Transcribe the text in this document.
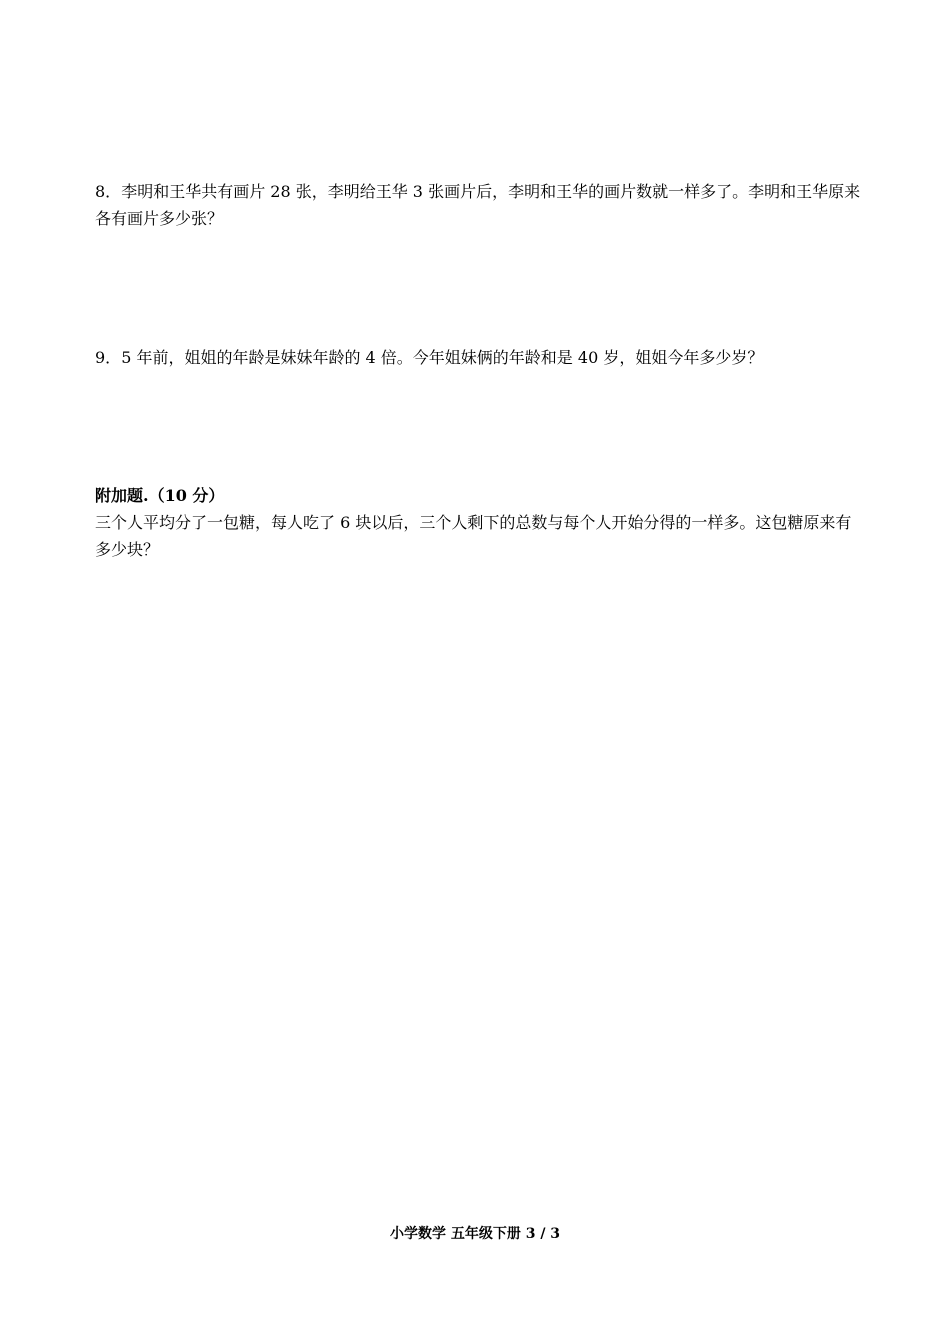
8．李明和王华共有画片 28 张，李明给王华 3 张画片后，李明和王华的画片数就一样多了。李明和王华原来各有画片多少张？
9．5 年前，姐姐的年龄是妹妹年龄的 4 倍。今年姐妹俩的年龄和是 40 岁，姐姐今年多少岁？

附加题.（10 分）

三个人平均分了一包糖，每人吃了 6 块以后，三个人剩下的总数与每个人开始分得的一样多。这包糖原来有多少块？

小学数学 五年级下册 3 / 3
